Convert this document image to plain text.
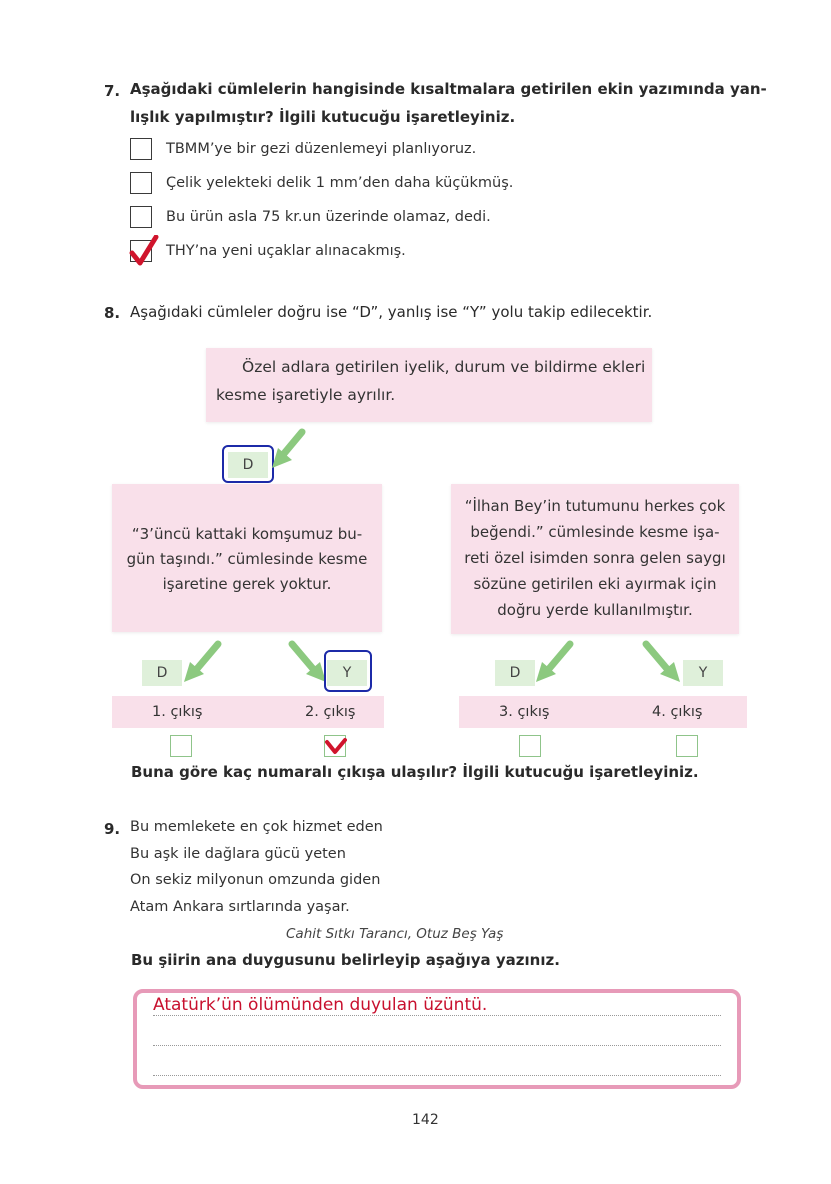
7. Aşağıdaki cümlelerin hangisinde kısaltmalara getirilen ekin yazımında yan-
lışlık yapılmıştır? İlgili kutucuğu işaretleyiniz.
TBMM’ye bir gezi düzenlemeyi planlıyoruz.
Çelik yelekteki delik 1 mm’den daha küçükmüş.
Bu ürün asla 75 kr.un üzerinde olamaz, dedi.
THY’na yeni uçaklar alınacakmış.
8. Aşağıdaki cümleler doğru ise “D”, yanlış ise “Y” yolu takip edilecektir.
Özel adlara getirilen iyelik, durum ve bildirme ekleri
kesme işaretiyle ayrılır.
D
“3’üncü kattaki komşumuz bu-
gün taşındı.” cümlesinde kesme
işaretine gerek yoktur.
“İlhan Bey’in tutumunu herkes çok
beğendi.” cümlesinde kesme işa-
reti özel isimden sonra gelen saygı
sözüne getirilen eki ayırmak için
doğru yerde kullanılmıştır.
D	Y	D	Y
1. çıkış	2. çıkış	3. çıkış	4. çıkış
Buna göre kaç numaralı çıkışa ulaşılır? İlgili kutucuğu işaretleyiniz.
9. Bu memlekete en çok hizmet eden
Bu aşk ile dağlara gücü yeten
On sekiz milyonun omzunda giden
Atam Ankara sırtlarında yaşar.
Cahit Sıtkı Tarancı, Otuz Beş Yaş
Bu şiirin ana duygusunu belirleyip aşağıya yazınız.
Atatürk’ün ölümünden duyulan üzüntü.
142
